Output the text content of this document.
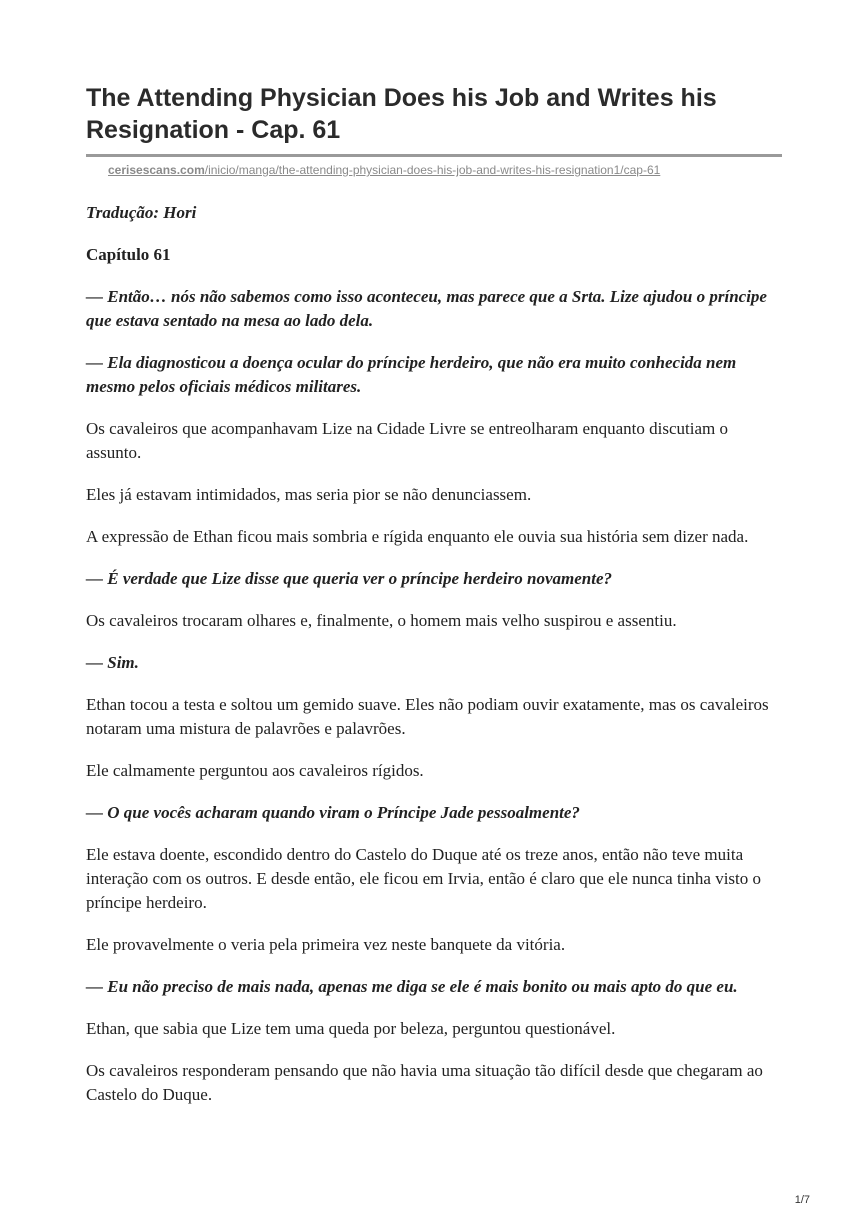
The Attending Physician Does his Job and Writes his Resignation - Cap. 61
cerisescans.com/inicio/manga/the-attending-physician-does-his-job-and-writes-his-resignation1/cap-61

Tradução: Hori

Capítulo 61

— Então… nós não sabemos como isso aconteceu, mas parece que a Srta. Lize ajudou o príncipe que estava sentado na mesa ao lado dela.

— Ela diagnosticou a doença ocular do príncipe herdeiro, que não era muito conhecida nem mesmo pelos oficiais médicos militares.

Os cavaleiros que acompanhavam Lize na Cidade Livre se entreolharam enquanto discutiam o assunto.

Eles já estavam intimidados, mas seria pior se não denunciassem.

A expressão de Ethan ficou mais sombria e rígida enquanto ele ouvia sua história sem dizer nada.

— É verdade que Lize disse que queria ver o príncipe herdeiro novamente?

Os cavaleiros trocaram olhares e, finalmente, o homem mais velho suspirou e assentiu.

— Sim.

Ethan tocou a testa e soltou um gemido suave. Eles não podiam ouvir exatamente, mas os cavaleiros notaram uma mistura de palavrões e palavrões.

Ele calmamente perguntou aos cavaleiros rígidos.

— O que vocês acharam quando viram o Príncipe Jade pessoalmente?

Ele estava doente, escondido dentro do Castelo do Duque até os treze anos, então não teve muita interação com os outros. E desde então, ele ficou em Irvia, então é claro que ele nunca tinha visto o príncipe herdeiro.

Ele provavelmente o veria pela primeira vez neste banquete da vitória.

— Eu não preciso de mais nada, apenas me diga se ele é mais bonito ou mais apto do que eu.

Ethan, que sabia que Lize tem uma queda por beleza, perguntou questionável.

Os cavaleiros responderam pensando que não havia uma situação tão difícil desde que chegaram ao Castelo do Duque.

1/7
